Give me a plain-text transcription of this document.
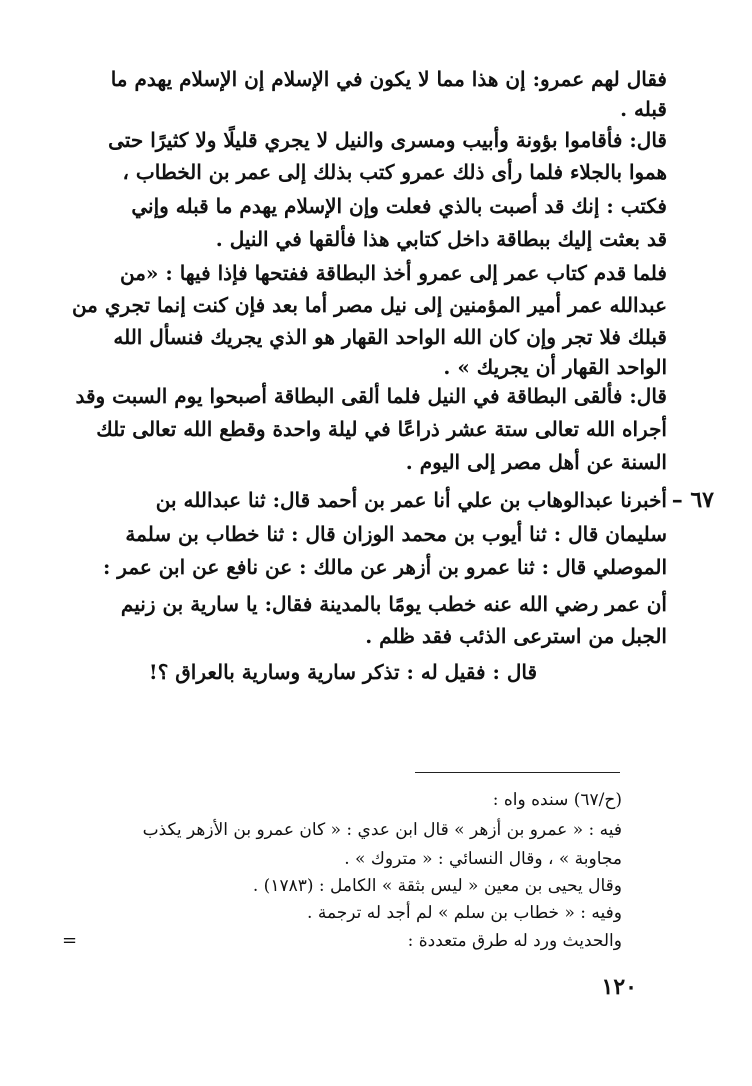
فقال لهم عمرو: إن هذا مما لا يكون في الإسلام إن الإسلام يهدم ما
قبله .
قال: فأقاموا بؤونة وأبيب ومسرى والنيل لا يجري قليلًا ولا كثيرًا حتى
هموا بالجلاء فلما رأى ذلك عمرو كتب بذلك إلى عمر بن الخطاب ،
فكتب : إنك قد أصبت بالذي فعلت وإن الإسلام يهدم ما قبله وإني
قد بعثت إليك ببطاقة داخل كتابي هذا فألقها في النيل .
فلما قدم كتاب عمر إلى عمرو أخذ البطاقة ففتحها فإذا فيها : «من
عبدالله عمر أمير المؤمنين إلى نيل مصر أما بعد فإن كنت إنما تجري من
قبلك فلا تجر وإن كان الله الواحد القهار هو الذي يجريك فنسأل الله
الواحد القهار أن يجريك » .
قال: فألقى البطاقة في النيل فلما ألقى البطاقة أصبحوا يوم السبت وقد
أجراه الله تعالى ستة عشر ذراعًا في ليلة واحدة وقطع الله تعالى تلك
السنة عن أهل مصر إلى اليوم .
٦٧ –
أخبرنا عبدالوهاب بن علي أنا عمر بن أحمد قال: ثنا عبدالله بن
سليمان قال : ثنا أيوب بن محمد الوزان قال : ثنا خطاب بن سلمة
الموصلي قال : ثنا عمرو بن أزهر عن مالك : عن نافع عن ابن عمر :
أن عمر رضي الله عنه خطب يومًا بالمدينة فقال: يا سارية بن زنيم
الجبل من استرعى الذئب فقد ظلم .
قال : فقيل له : تذكر سارية وسارية بالعراق ؟!
(ح/٦٧) سنده واه :
فيه : « عمرو بن أزهر » قال ابن عدي : « كان عمرو بن الأزهر يكذب
مجاوبة » ، وقال النسائي : « متروك » .
وقال يحيى بن معين « ليس بثقة » الكامل : (١٧٨٣) .
وفيه : « خطاب بن سلم » لم أجد له ترجمة .
والحديث ورد له طرق متعددة :
=
١٢٠
